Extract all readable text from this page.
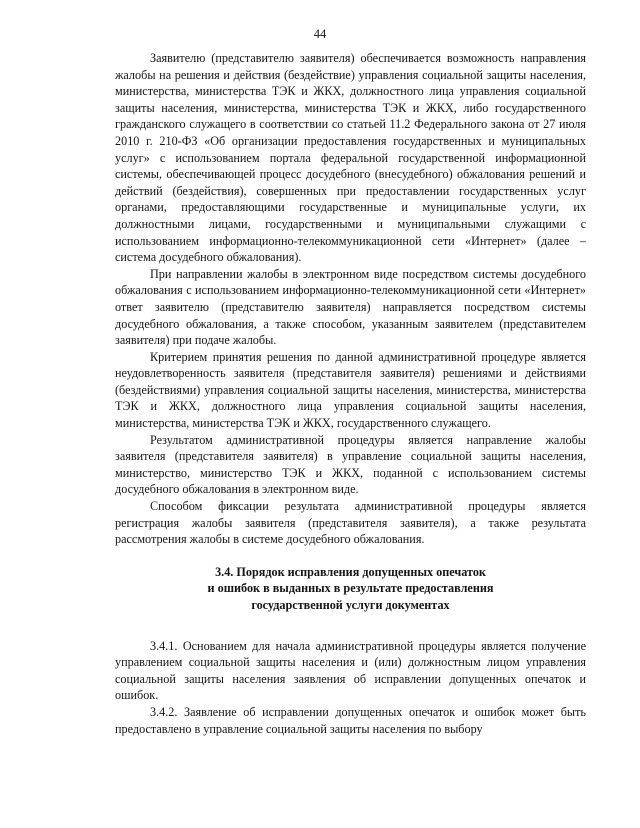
44

Заявителю (представителю заявителя) обеспечивается возможность направления жалобы на решения и действия (бездействие) управления социальной защиты населения, министерства, министерства ТЭК и ЖКХ, должностного лица управления социальной защиты населения, министерства, министерства ТЭК и ЖКХ, либо государственного гражданского служащего в соответствии со статьей 11.2 Федерального закона от 27 июля 2010 г. 210-ФЗ «Об организации предоставления государственных и муниципальных услуг» с использованием портала федеральной государственной информационной системы, обеспечивающей процесс досудебного (внесудебного) обжалования решений и действий (бездействия), совершенных при предоставлении государственных услуг органами, предоставляющими государственные и муниципальные услуги, их должностными лицами, государственными и муниципальными служащими с использованием информационно-телекоммуникационной сети «Интернет» (далее – система досудебного обжалования).

При направлении жалобы в электронном виде посредством системы досудебного обжалования с использованием информационно-телекоммуникационной сети «Интернет» ответ заявителю (представителю заявителя) направляется посредством системы досудебного обжалования, а также способом, указанным заявителем (представителем заявителя) при подаче жалобы.

Критерием принятия решения по данной административной процедуре является неудовлетворенность заявителя (представителя заявителя) решениями и действиями (бездействиями) управления социальной защиты населения, министерства, министерства ТЭК и ЖКХ, должностного лица управления социальной защиты населения, министерства, министерства ТЭК и ЖКХ, государственного служащего.

Результатом административной процедуры является направление жалобы заявителя (представителя заявителя) в управление социальной защиты населения, министерство, министерство ТЭК и ЖКХ, поданной с использованием системы досудебного обжалования в электронном виде.

Способом фиксации результата административной процедуры является регистрация жалобы заявителя (представителя заявителя), а также результата рассмотрения жалобы в системе досудебного обжалования.

3.4. Порядок исправления допущенных опечаток
и ошибок в выданных в результате предоставления
государственной услуги документах

3.4.1. Основанием для начала административной процедуры является получение управлением социальной защиты населения и (или) должностным лицом управления социальной защиты населения заявления об исправлении допущенных опечаток и ошибок.

3.4.2. Заявление об исправлении допущенных опечаток и ошибок может быть предоставлено в управление социальной защиты населения по выбору
